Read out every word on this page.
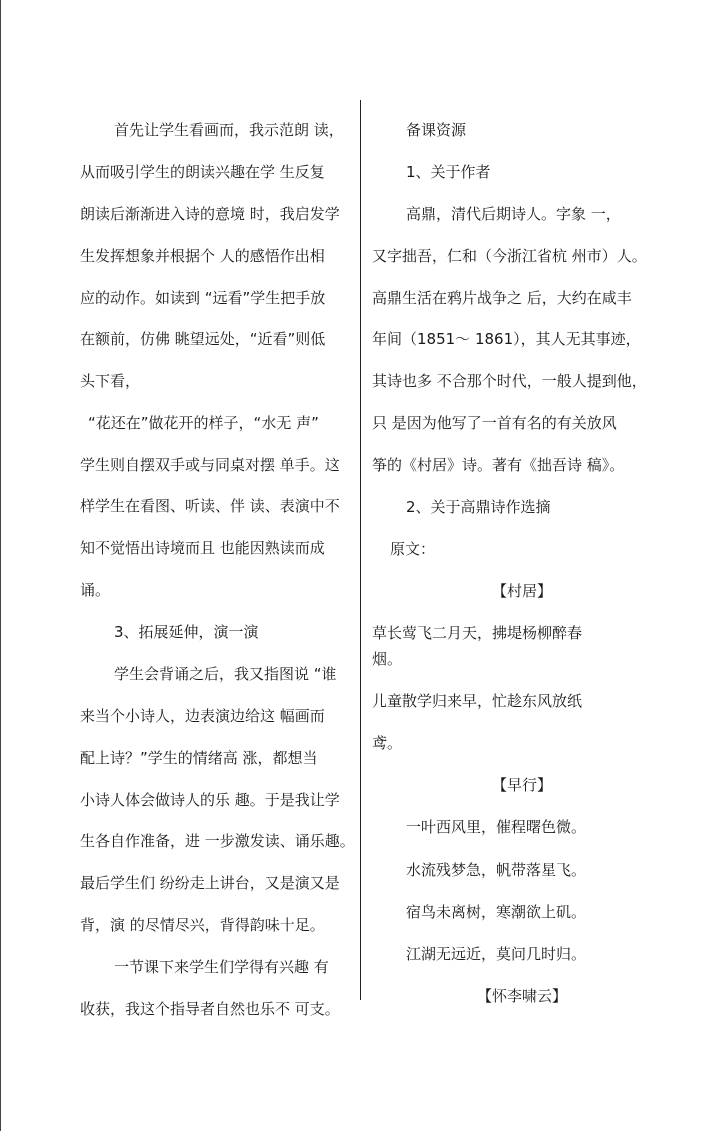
首先让学生看画而，我示范朗 读，
从而吸引学生的朗读兴趣在学 生反复
朗读后渐渐进入诗的意境 时，我启发学
生发挥想象并根据个 人的感悟作出相
应的动作。如读到 “远看”学生把手放
在额前，仿佛 眺望远处，“近看”则低
头下看，
“花还在”做花开的样子，“水无 声”
学生则自摆双手或与同桌对摆 单手。这
样学生在看图、听读、伴 读、表演中不
知不觉悟出诗境而且 也能因熟读而成
诵。
3、拓展延伸，演一演
学生会背诵之后，我又指图说 “谁
来当个小诗人，边表演边给这 幅画而
配上诗？”学生的情绪高 涨，都想当
小诗人体会做诗人的乐 趣。于是我让学
生各自作准备，进 一步激发读、诵乐趣。
最后学生们 纷纷走上讲台，又是演又是
背，演 的尽情尽兴，背得韵味十足。
一节课下来学生们学得有兴趣 有
收获，我这个指导者自然也乐不 可支。
备课资源
1、关于作者
高鼎，清代后期诗人。字象 一，
又字拙吾，仁和（今浙江省杭 州市）人。
高鼎生活在鸦片战争之 后，大约在咸丰
年间（1851～ 1861），其人无其事迹，
其诗也多 不合那个时代，一般人提到他，
只 是因为他写了一首有名的有关放风
筝的《村居》诗。著有《拙吾诗 稿》。
2、关于高鼎诗作选摘
原文：
【村居】
草长莺飞二月天，拂堤杨柳醉春
烟。
儿童散学归来早，忙趁东风放纸
鸢。
【早行】
一叶西风里，催程曙色微。
水流残梦急，帆带落星飞。
宿鸟未离树，寒潮欲上矶。
江湖无远近，莫问几时归。
【怀李啸云】
